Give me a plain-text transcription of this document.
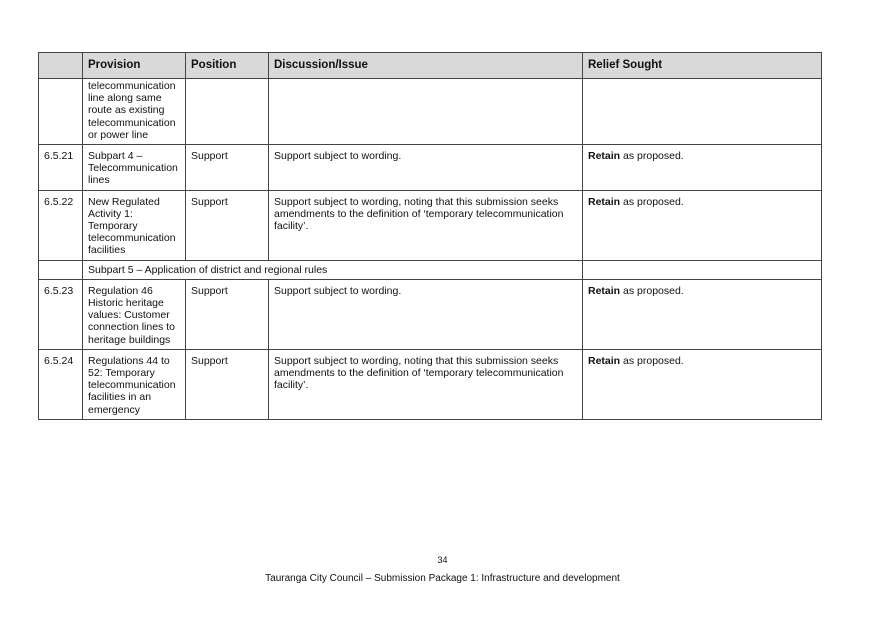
	Provision	Position	Discussion/Issue	Relief Sought
	telecommunication line along same route as existing telecommunication or power line			
6.5.21	Subpart 4 – Telecommunication lines	Support	Support subject to wording.	Retain as proposed.
6.5.22	New Regulated Activity 1: Temporary telecommunication facilities	Support	Support subject to wording, noting that this submission seeks amendments to the definition of ‘temporary telecommunication facility’.	Retain as proposed.
	Subpart 5 – Application of district and regional rules			
6.5.23	Regulation 46 Historic heritage values: Customer connection lines to heritage buildings	Support	Support subject to wording.	Retain as proposed.
6.5.24	Regulations 44 to 52: Temporary telecommunication facilities in an emergency	Support	Support subject to wording, noting that this submission seeks amendments to the definition of ‘temporary telecommunication facility’.	Retain as proposed.
34
Tauranga City Council – Submission Package 1: Infrastructure and development
